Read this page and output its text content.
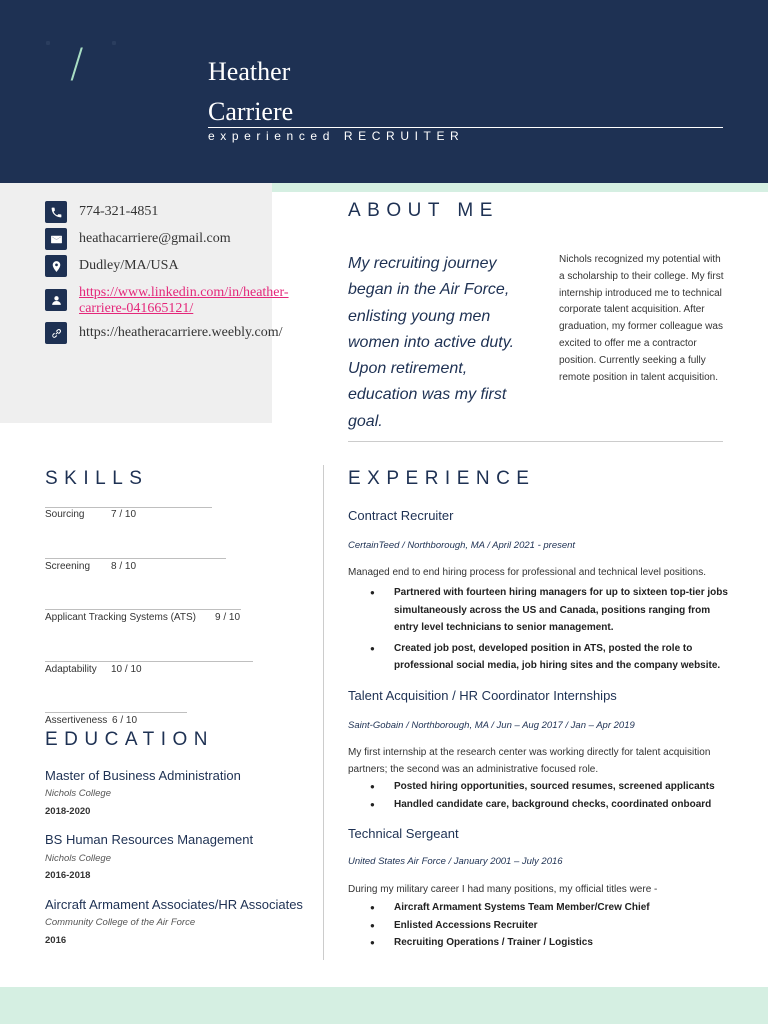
/	Heather
Carriere
experienced RECRUITER
774-321-4851
heathacarriere@gmail.com
Dudley/MA/USA
https://www.linkedin.com/in/heather-carriere-041665121/
https://heatheracarriere.weebly.com/
ABOUT ME
My recruiting journey began in the Air Force, enlisting young men women into active duty. Upon retirement, education was my first goal.
Nichols recognized my potential with a scholarship to their college. My first internship introduced me to technical corporate talent acquisition. After graduation, my former colleague was excited to offer me a contractor position. Currently seeking a fully remote position in talent acquisition.
SKILLS
Sourcing	7 / 10
Screening 8 / 10
Applicant Tracking Systems (ATS) 9 / 10
Adaptability 10 / 10
Assertiveness 6 / 10
EDUCATION
Master of Business Administration
Nichols College
2018-2020
BS Human Resources Management
Nichols College
2016-2018
Aircraft Armament Associates/HR Associates
Community College of the Air Force
2016
EXPERIENCE
Contract Recruiter
CertainTeed / Northborough, MA / April 2021 - present
Managed end to end hiring process for professional and technical level positions.
● Partnered with fourteen hiring managers for up to sixteen top-tier jobs simultaneously across the US and Canada, positions ranging from entry level technicians to senior management.
● Created job post, developed position in ATS, posted the role to professional social media, job hiring sites and the company website.
Talent Acquisition / HR Coordinator Internships
Saint-Gobain / Northborough, MA / Jun – Aug 2017 / Jan – Apr 2019
My first internship at the research center was working directly for talent acquisition partners; the second was an administrative focused role.
● Posted hiring opportunities, sourced resumes, screened applicants
● Handled candidate care, background checks, coordinated onboard
Technical Sergeant
United States Air Force / January 2001 – July 2016
During my military career I had many positions, my official titles were -
● Aircraft Armament Systems Team Member/Crew Chief
● Enlisted Accessions Recruiter
● Recruiting Operations / Trainer / Logistics
